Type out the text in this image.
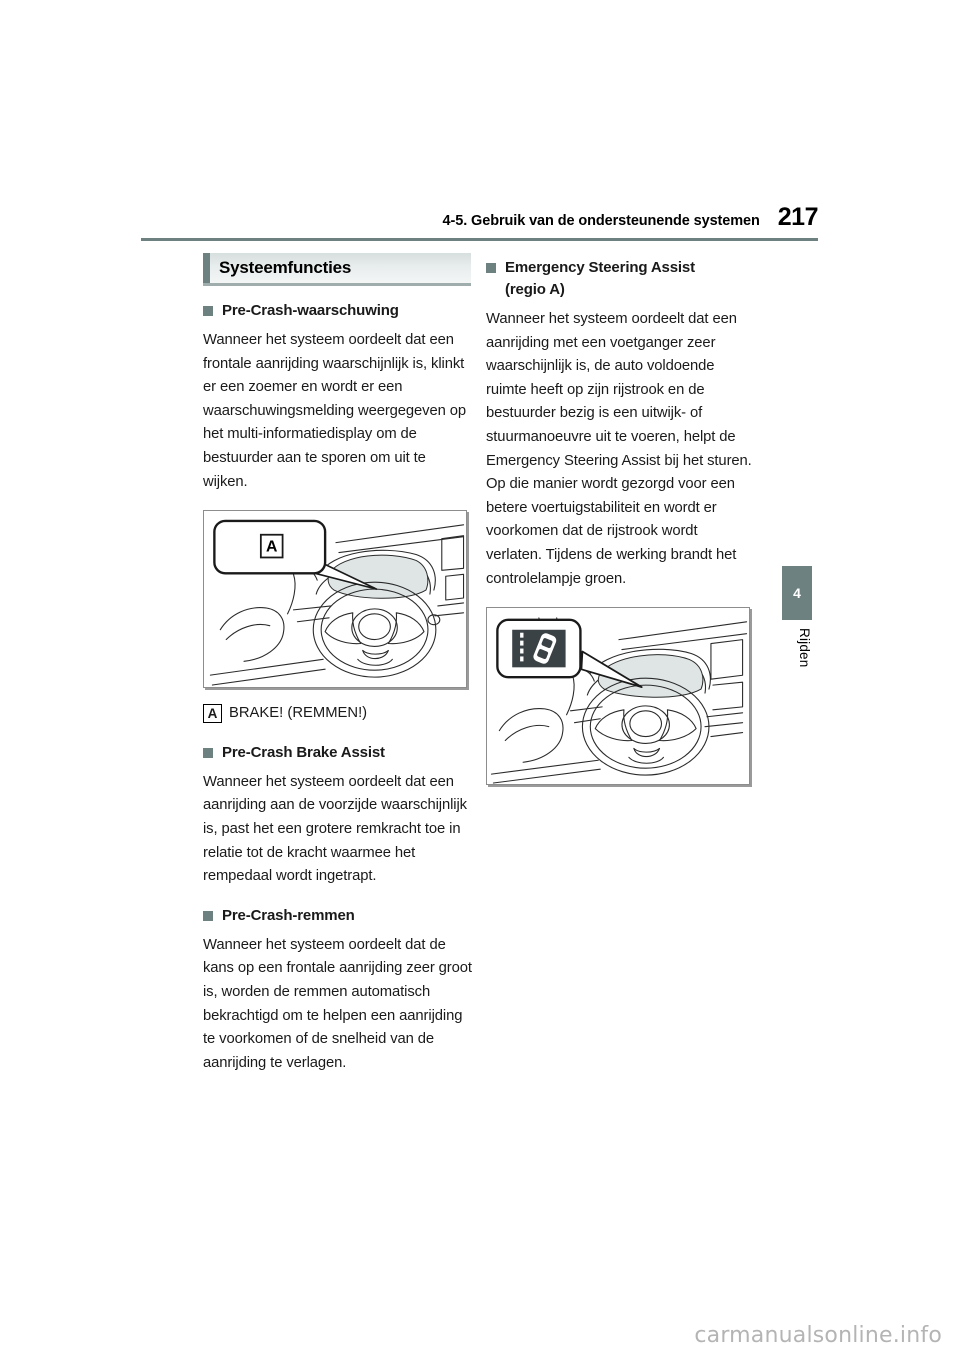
4-5. Gebruik van de ondersteunende systemen 217
Systeemfuncties
Pre-Crash-waarschuwing

Wanneer het systeem oordeelt dat een frontale aanrijding waarschijnlijk is, klinkt er een zoemer en wordt er een waarschuwingsmelding weergegeven op het multi-informatiedisplay om de bestuurder aan te sporen om uit te wijken.

A
A BRAKE! (REMMEN!)
Pre-Crash Brake Assist

Wanneer het systeem oordeelt dat een aanrijding aan de voorzijde waarschijnlijk is, past het een grotere remkracht toe in relatie tot de kracht waarmee het rempedaal wordt ingetrapt.

Pre-Crash-remmen

Wanneer het systeem oordeelt dat de kans op een frontale aanrijding zeer groot is, worden de remmen automatisch bekrachtigd om te helpen een aanrijding te voorkomen of de snelheid van de aanrijding te verlagen.

Emergency Steering Assist
(regio A)

Wanneer het systeem oordeelt dat een aanrijding met een voetganger zeer waarschijnlijk is, de auto voldoende ruimte heeft op zijn rijstrook en de bestuurder bezig is een uitwijk- of stuurmanoeuvre uit te voeren, helpt de Emergency Steering Assist bij het sturen. Op die manier wordt gezorgd voor een betere voertuigstabiliteit en wordt er voorkomen dat de rijstrook wordt verlaten. Tijdens de werking brandt het controlelampje groen.

4
Rijden
carmanualsonline.info
